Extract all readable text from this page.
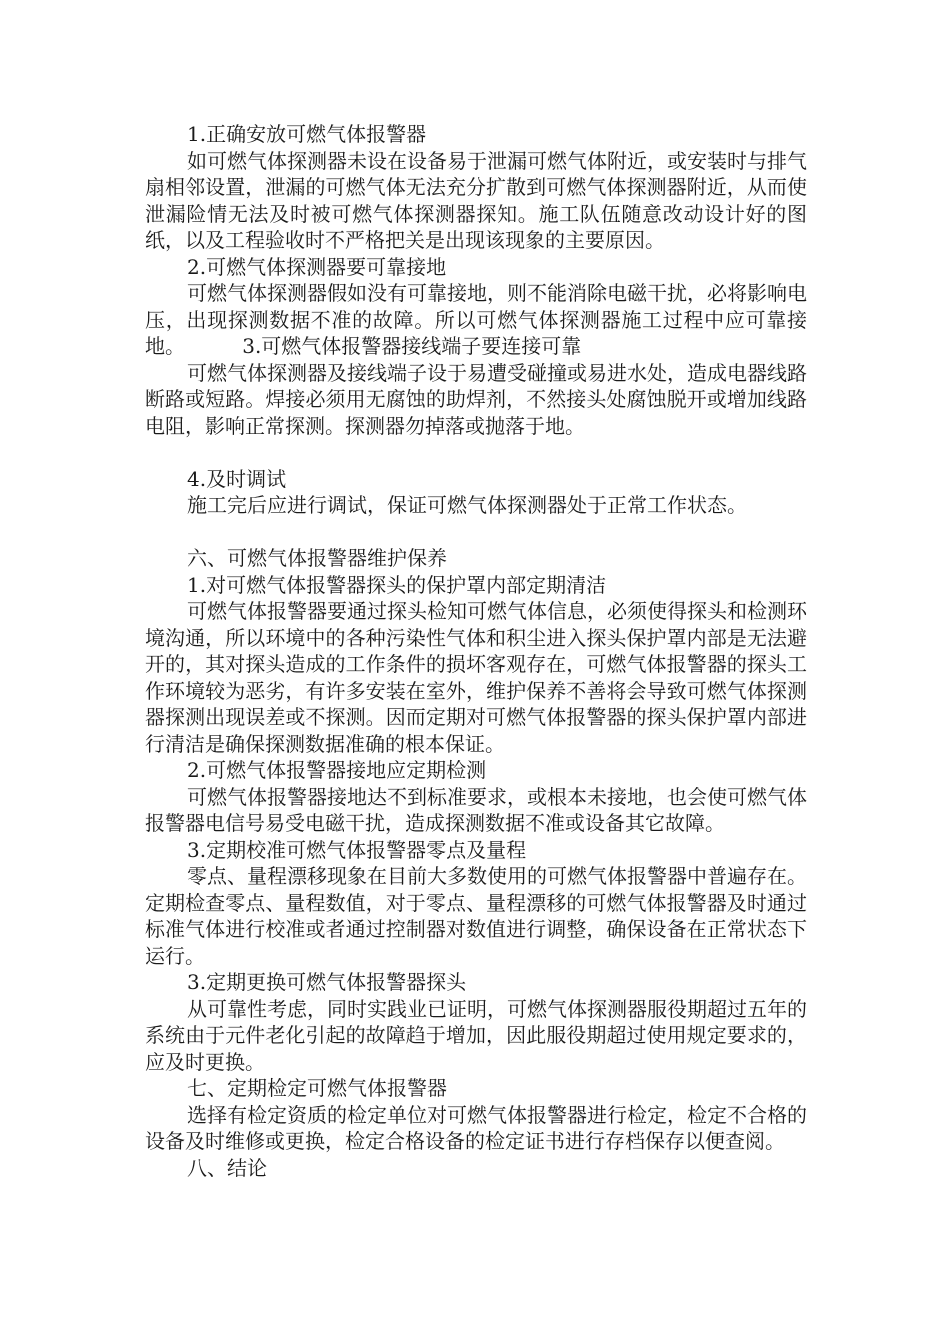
1.正确安放可燃气体报警器

如可燃气体探测器未设在设备易于泄漏可燃气体附近，或安装时与排气扇相邻设置，泄漏的可燃气体无法充分扩散到可燃气体探测器附近，从而使泄漏险情无法及时被可燃气体探测器探知。施工队伍随意改动设计好的图纸，以及工程验收时不严格把关是出现该现象的主要原因。

2.可燃气体探测器要可靠接地

可燃气体探测器假如没有可靠接地，则不能消除电磁干扰，必将影响电压，出现探测数据不准的故障。所以可燃气体探测器施工过程中应可靠接地。         3.可燃气体报警器接线端子要连接可靠

可燃气体探测器及接线端子设于易遭受碰撞或易进水处，造成电器线路断路或短路。焊接必须用无腐蚀的助焊剂，不然接头处腐蚀脱开或增加线路电阻，影响正常探测。探测器勿掉落或抛落于地。

4.及时调试

施工完后应进行调试，保证可燃气体探测器处于正常工作状态。

六、可燃气体报警器维护保养

1.对可燃气体报警器探头的保护罩内部定期清洁

可燃气体报警器要通过探头检知可燃气体信息，必须使得探头和检测环境沟通，所以环境中的各种污染性气体和积尘进入探头保护罩内部是无法避开的，其对探头造成的工作条件的损坏客观存在，可燃气体报警器的探头工作环境较为恶劣，有许多安装在室外，维护保养不善将会导致可燃气体探测器探测出现误差或不探测。因而定期对可燃气体报警器的探头保护罩内部进行清洁是确保探测数据准确的根本保证。

2.可燃气体报警器接地应定期检测

可燃气体报警器接地达不到标准要求，或根本未接地，也会使可燃气体报警器电信号易受电磁干扰，造成探测数据不准或设备其它故障。

3.定期校准可燃气体报警器零点及量程

零点、量程漂移现象在目前大多数使用的可燃气体报警器中普遍存在。定期检查零点、量程数值，对于零点、量程漂移的可燃气体报警器及时通过标准气体进行校准或者通过控制器对数值进行调整，确保设备在正常状态下运行。

3.定期更换可燃气体报警器探头

从可靠性考虑，同时实践业已证明，可燃气体探测器服役期超过五年的系统由于元件老化引起的故障趋于增加，因此服役期超过使用规定要求的，应及时更换。

七、定期检定可燃气体报警器

选择有检定资质的检定单位对可燃气体报警器进行检定，检定不合格的设备及时维修或更换，检定合格设备的检定证书进行存档保存以便查阅。

八、结论
